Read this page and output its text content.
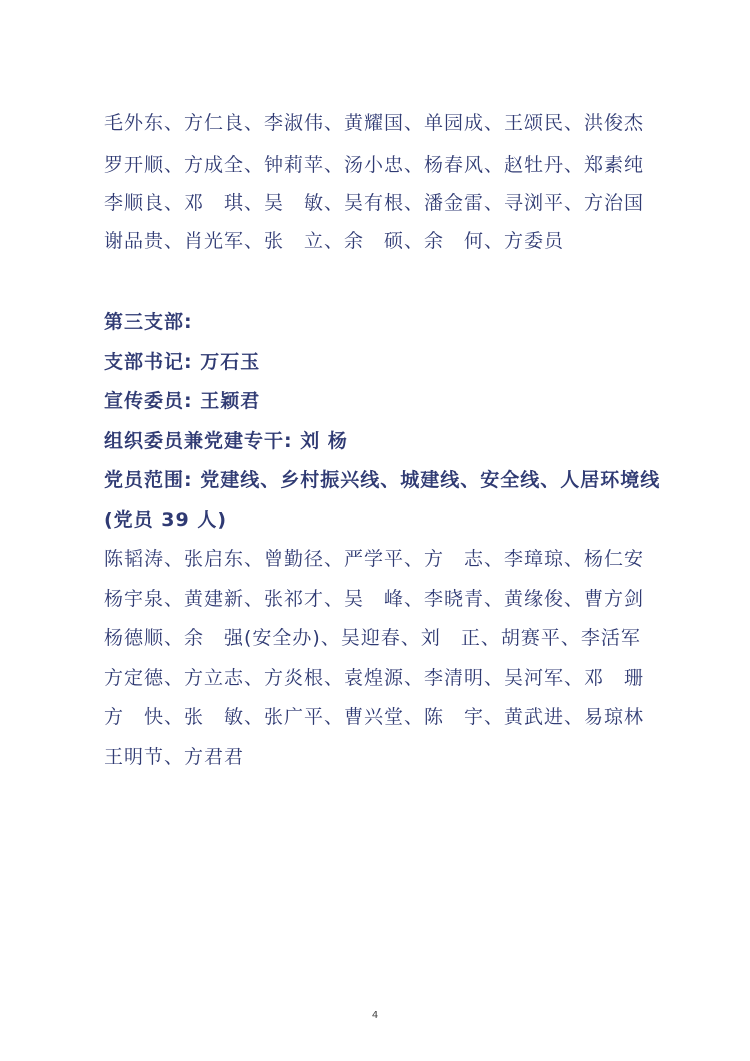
毛外东、方仁良、李淑伟、黄耀国、单园成、王颂民、洪俊杰
罗开顺、方成全、钟莉苹、汤小忠、杨春风、赵牡丹、郑素纯
李顺良、邓　琪、吴　敏、吴有根、潘金雷、寻浏平、方治国
谢品贵、肖光军、张　立、余　硕、余　何、方委员
第三支部:
支部书记: 万石玉
宣传委员: 王颖君
组织委员兼党建专干: 刘 杨
党员范围: 党建线、乡村振兴线、城建线、安全线、人居环境线
(党员 39 人)
陈韬涛、张启东、曾勤径、严学平、方　志、李璋琼、杨仁安
杨宇泉、黄建新、张祁才、吴　峰、李晓青、黄缘俊、曹方剑
杨德顺、余　强(安全办)、吴迎春、刘　正、胡赛平、李活军
方定德、方立志、方炎根、袁煌源、李清明、吴河军、邓　珊
方　快、张　敏、张广平、曹兴堂、陈　宇、黄武进、易琼林
王明节、方君君
4
